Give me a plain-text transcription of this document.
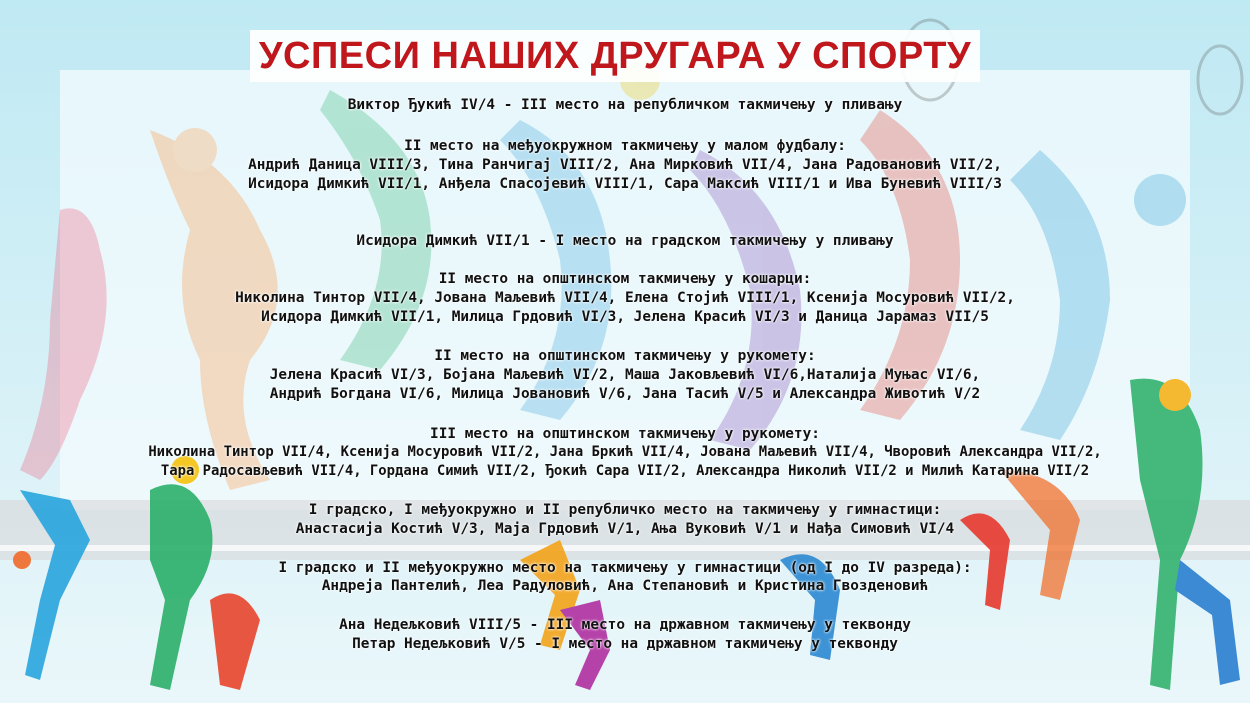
УСПЕСИ НАШИХ ДРУГАРА У СПОРТУ
Виктор Ђукић IV/4 - III место на републичком такмичењу у пливању
II место на међуокружном такмичењу у малом фудбалу:
Андрић Даница VIII/3, Тина Ранчигај VIII/2, Ана Мирковић VII/4, Јана Радовановић VII/2,
Исидора Димкић VII/1, Анђела Спасојевић VIII/1, Сара Максић VIII/1 и Ива Буневић VIII/3
Исидора Димкић VII/1 - I место на градском такмичењу у пливању
II место на општинском такмичењу у кошарци:
Николина Тинтор VII/4, Јована Маљевић VII/4, Елена Стојић VIII/1, Ксенија Мосуровић VII/2,
Исидора Димкић VII/1, Милица Грдовић VI/3, Јелена Красић VI/3 и Даница Јарамаз VII/5
II место на општинском такмичењу у рукомету:
Јелена Красић VI/3, Бојана Маљевић VI/2, Маша Јаковљевић VI/6,Наталија Муњас VI/6,
Андрић Богдана VI/6, Милица Јовановић V/6, Јана Тасић V/5 и Александра Животић V/2
III место на општинском такмичењу у рукомету:
Николина Тинтор VII/4, Ксенија Мосуровић VII/2, Јана Бркић VII/4, Јована Маљевић VII/4, Чворовић Александра VII/2,
Тара Радосављевић VII/4, Гордана Симић VII/2, Ђокић Сара VII/2, Александра Николић VII/2 и Милић Катарина VII/2
I градско, I међуокружно и II републичко место на такмичењу у гимнастици:
Анастасија Костић V/3, Маја Грдовић V/1, Ања Вуковић V/1 и Нађа Симовић VI/4
I градско и II међуокружно место на такмичењу у гимнастици (од I до IV разреда):
Андреја Пантелић, Леа Радуловић, Ана Степановић и Кристина Гвозденовић
Ана Недељковић VIII/5 - III место на државном такмичењу у теквонду
Петар Недељковић V/5 - I место на државном такмичењу у теквонду
